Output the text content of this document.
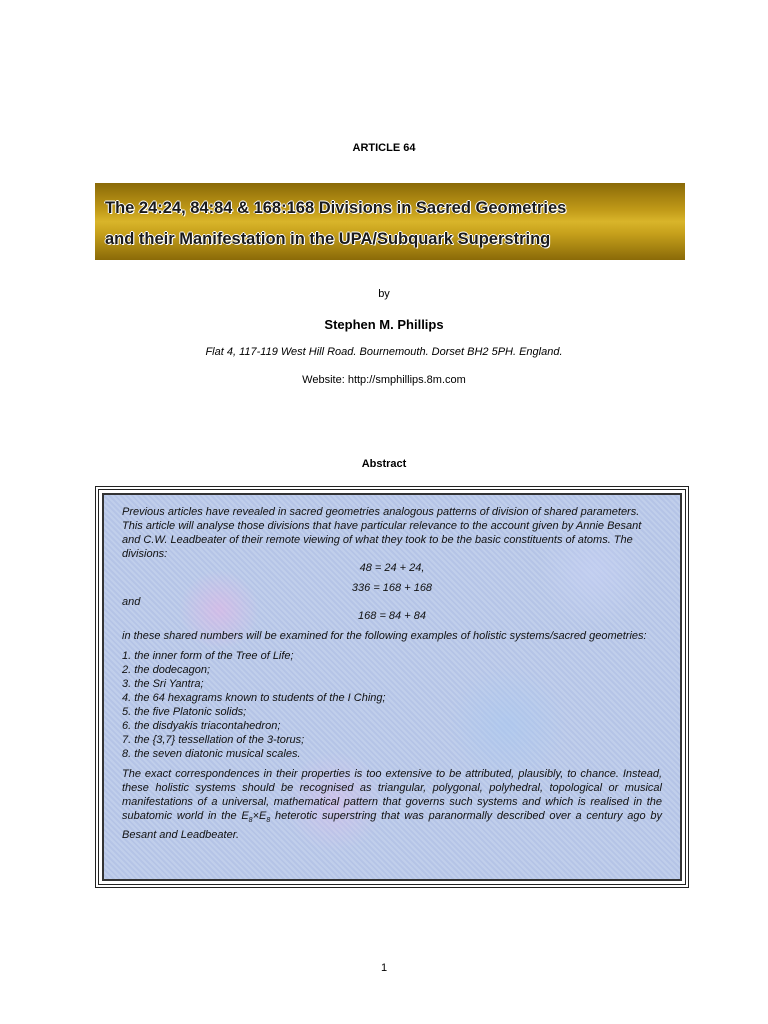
ARTICLE 64
The 24:24, 84:84 & 168:168 Divisions in Sacred Geometries
and their Manifestation in the UPA/Subquark Superstring
by
Stephen M. Phillips
Flat 4, 117-119 West Hill Road. Bournemouth. Dorset BH2 5PH. England.
Website: http://smphillips.8m.com
Abstract

Previous articles have revealed in sacred geometries analogous patterns of division of shared parameters. This article will analyse those divisions that have particular relevance to the account given by Annie Besant and C.W. Leadbeater of their remote viewing of what they took to be the basic constituents of atoms. The divisions:

48 = 24 + 24,

336 = 168 + 168

and

168 = 84 + 84

in these shared numbers will be examined for the following examples of holistic systems/sacred geometries:

1. the inner form of the Tree of Life;
2. the dodecagon;
3. the Sri Yantra;
4. the 64 hexagrams known to students of the I Ching;
5. the five Platonic solids;
6. the disdyakis triacontahedron;
7. the {3,7} tessellation of the 3-torus;
8. the seven diatonic musical scales.

The exact correspondences in their properties is too extensive to be attributed, plausibly, to chance. Instead, these holistic systems should be recognised as triangular, polygonal, polyhedral, topological or musical manifestations of a universal, mathematical pattern that governs such systems and which is realised in the subatomic world in the $E_8\times E_8$ heterotic superstring that was paranormally described over a century ago by Besant and Leadbeater.

1
